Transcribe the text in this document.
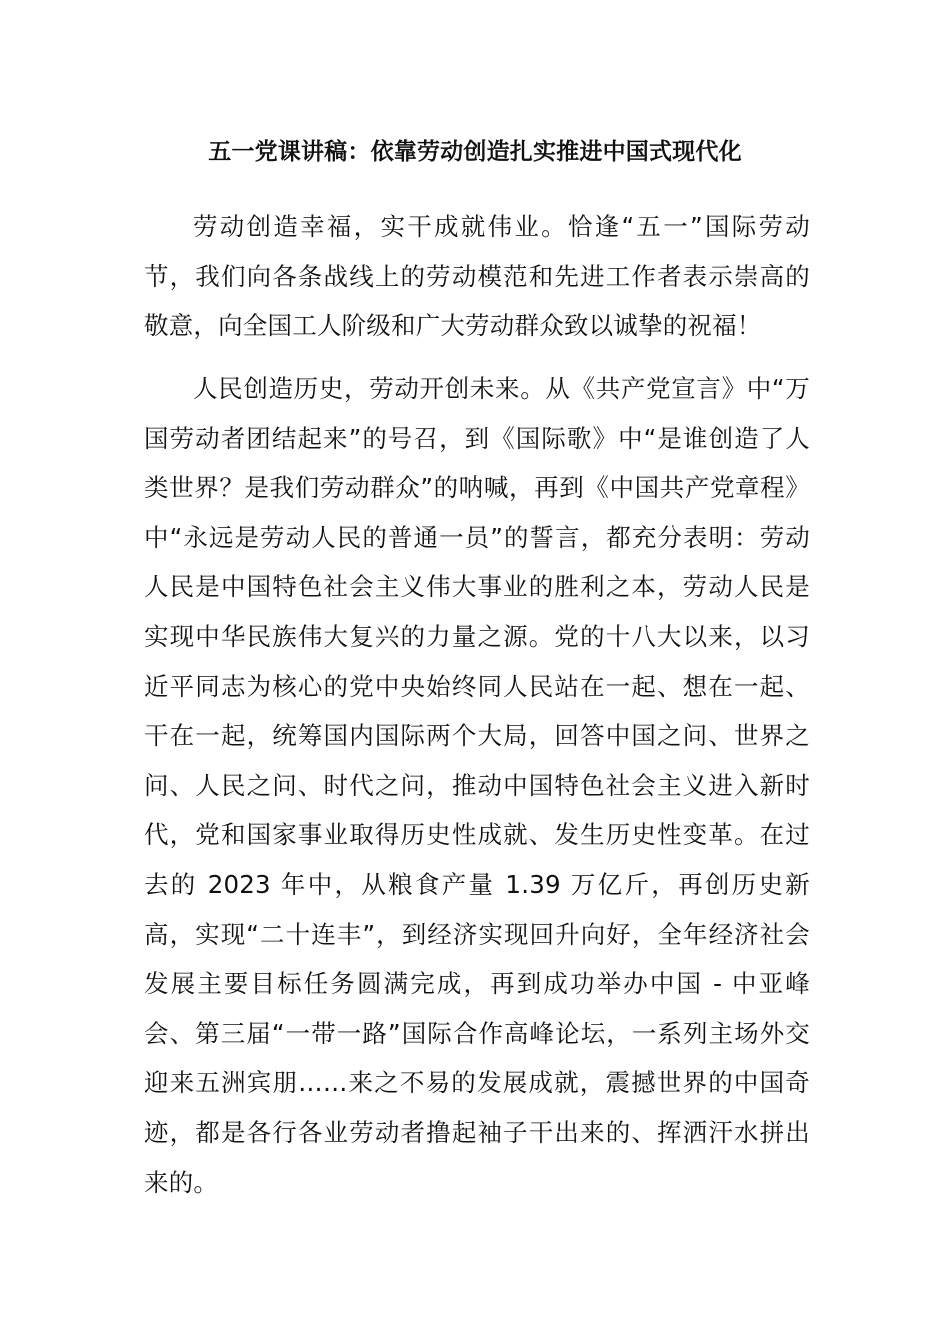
五一党课讲稿：依靠劳动创造扎实推进中国式现代化

劳动创造幸福，实干成就伟业。恰逢“五一”国际劳动节，我们向各条战线上的劳动模范和先进工作者表示崇高的敬意，向全国工人阶级和广大劳动群众致以诚挚的祝福！

人民创造历史，劳动开创未来。从《共产党宣言》中“万国劳动者团结起来”的号召，到《国际歌》中“是谁创造了人类世界？是我们劳动群众”的呐喊，再到《中国共产党章程》中“永远是劳动人民的普通一员”的誓言，都充分表明：劳动人民是中国特色社会主义伟大事业的胜利之本，劳动人民是实现中华民族伟大复兴的力量之源。党的十八大以来，以习近平同志为核心的党中央始终同人民站在一起、想在一起、干在一起，统筹国内国际两个大局，回答中国之问、世界之问、人民之问、时代之问，推动中国特色社会主义进入新时代，党和国家事业取得历史性成就、发生历史性变革。在过去的 2023 年中，从粮食产量 1.39 万亿斤，再创历史新高，实现“二十连丰”，到经济实现回升向好，全年经济社会发展主要目标任务圆满完成，再到成功举办中国 - 中亚峰会、第三届“一带一路”国际合作高峰论坛，一系列主场外交迎来五洲宾朋……来之不易的发展成就，震撼世界的中国奇迹，都是各行各业劳动者撸起袖子干出来的、挥洒汗水拼出来的。
